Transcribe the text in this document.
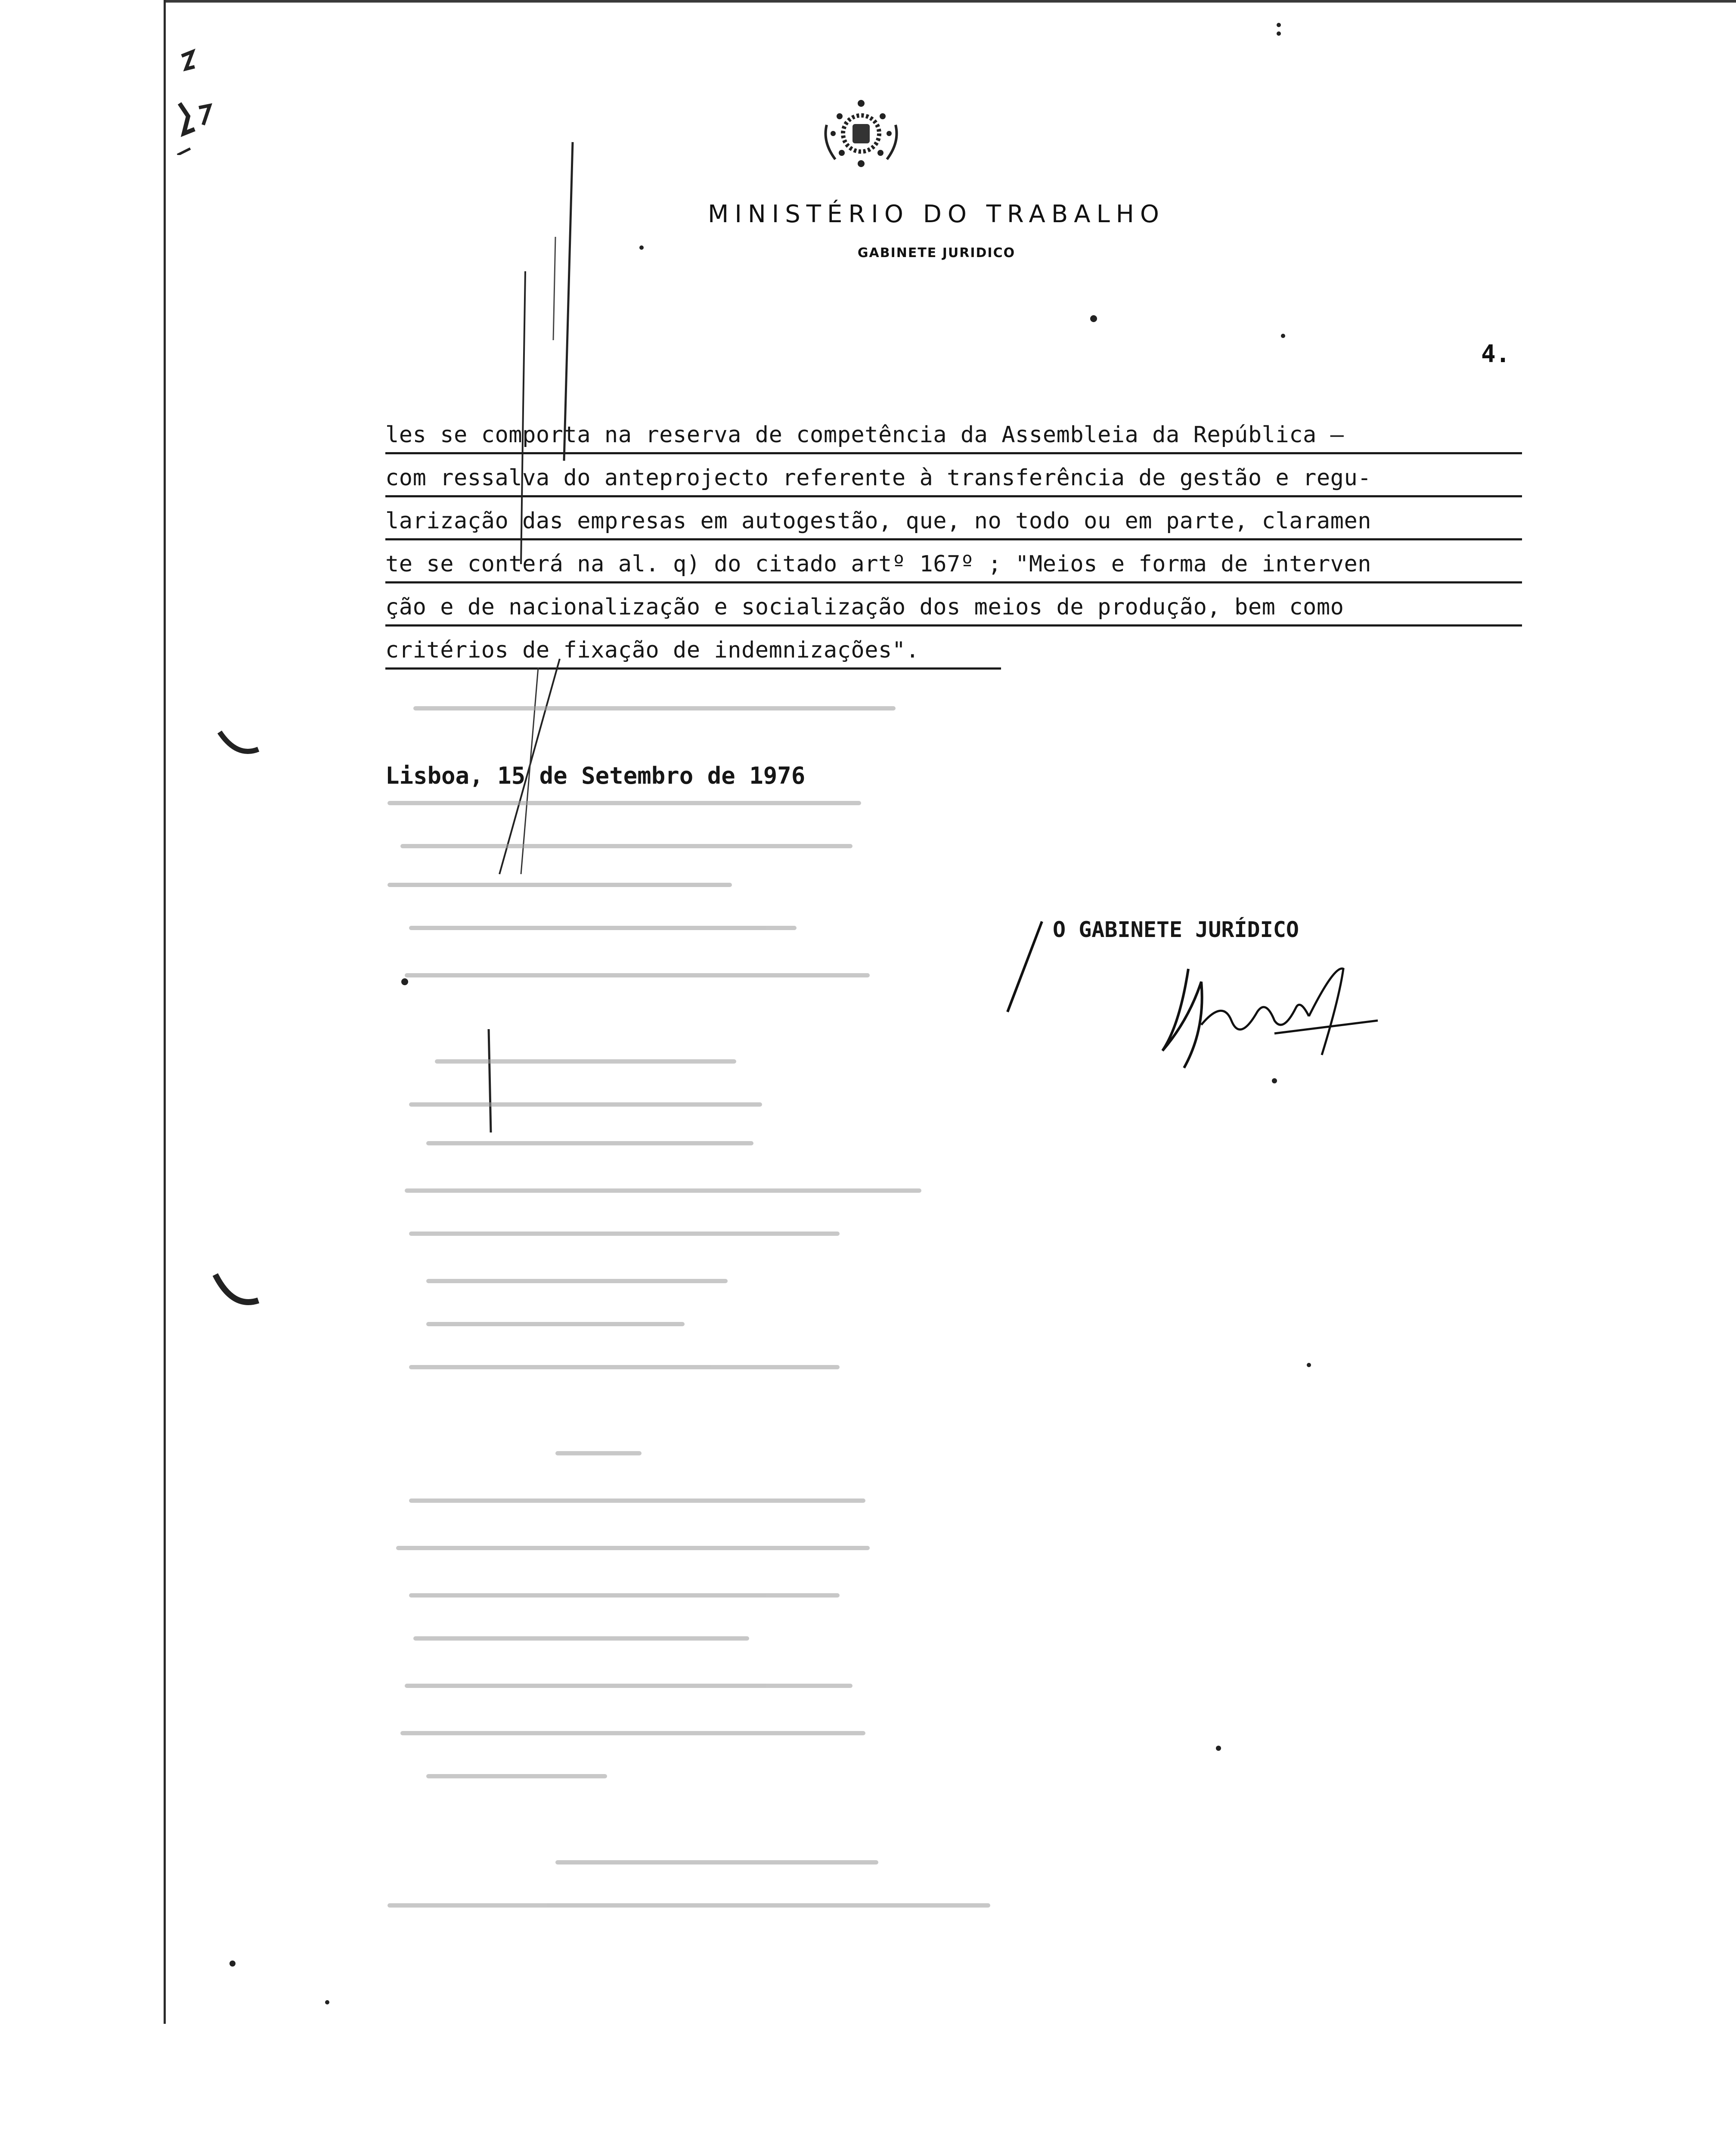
MINISTÉRIO DO TRABALHO
GABINETE JURIDICO
4.
les se comporta na reserva de competência da Assembleia da República —
com ressalva do anteprojecto referente à transferência de gestão e regu-
larização das empresas em autogestão, que, no todo ou em parte, claramen
te se conterá na al. q) do citado artº 167º ; "Meios e forma de interven
ção e de nacionalização e socialização dos meios de produção, bem como
critérios de fixação de indemnizações".
Lisboa, 15 de Setembro de 1976
O GABINETE JURÍDICO
